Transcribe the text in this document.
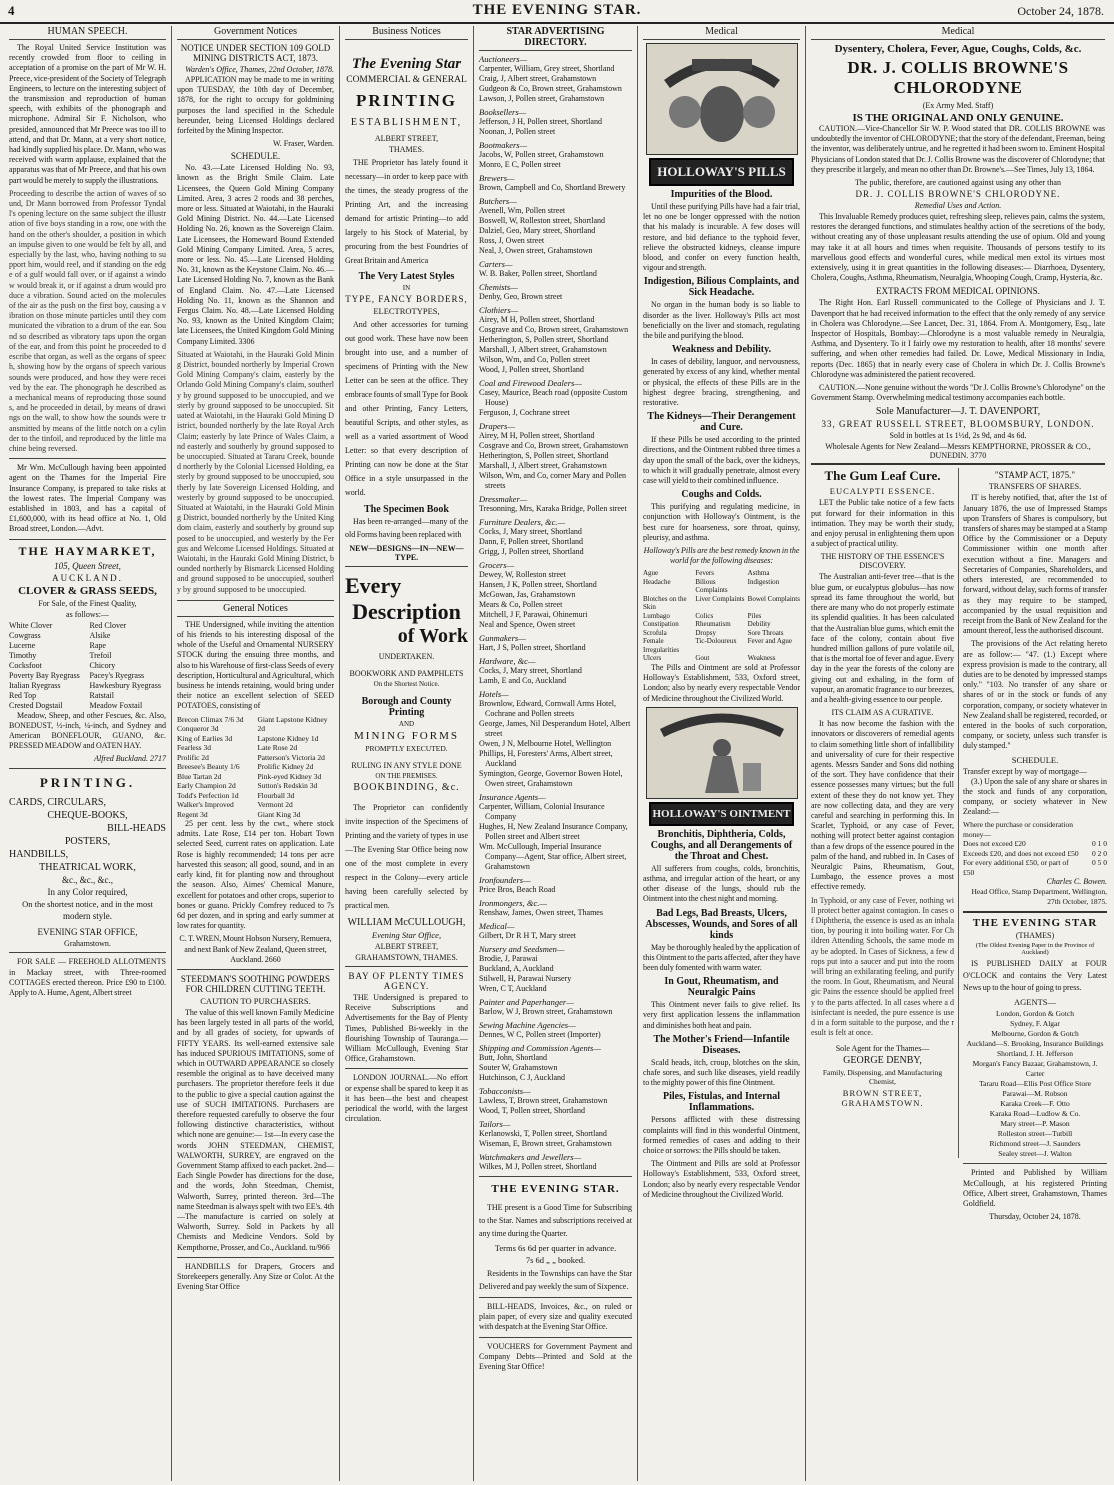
4	THE EVENING STAR.	October 24, 1878.
HUMAN SPEECH.

The Royal United Service Institution was recently crowded from floor to ceiling in acceptation of a promise on the part of Mr W. H. Preece, vice-president of the Society of Telegraph Engineers, to lecture on the interesting subject of the transmission and reproduction of human speech, with exhibits of the phonograph and microphone. Admiral Sir F. Nicholson, who presided, announced that Mr Preece was too ill to attend, and that Dr. Mann, at a very short notice, had kindly supplied his place. Dr. Mann, who was received with warm applause, explained that the apparatus was that of Mr Preece, and that his own part would be merely to supply the illustrations.

Proceeding to describe the action of waves of sound, Dr Mann borrowed from Professor Tyndall's opening lecture on the same subject the illustration of five boys standing in a row, one with the hand on the other's shoulder, a position in which an impulse given to one would be felt by all, and especially by the last, who, having nothing to support him, would reel, and if standing on the edge of a gulf would fall over, or if against a window would break it, or if against a drum would produce a vibration. Sound acted on the molecules of the air as the push on the first boy, causing a vibration on those minute particles until they communicated the vibration to a drum of the ear. Sound so described as vibratory taps upon the organ of the ear, and from this point he proceeded to describe that organ, as well as the organs of speech, showing how by the organs of speech various sounds were produced, and how they were received by the ear. The phonograph he described as a mechanical means of reproducing those sounds, and he proceeded in detail, by means of drawings on the wall, to show how the sounds were transmitted by means of the little notch on a cylinder to the tinfoil, and reproduced by the little machine being reversed.

Mr Wm. McCullough having been appointed agent on the Thames for the Imperial Fire Insurance Company, is prepared to take risks at the lowest rates. The Imperial Company was established in 1803, and has a capital of £1,600,000, with its head office at No. 1, Old Broad street, London.—Advt.

THE HAYMARKET,
105, Queen Street,
AUCKLAND.
CLOVER & GRASS SEEDS,
For Sale, of the Finest Quality,
as follows:—
White Clover
Cowgrass
Lucerne
Timothy
Cocksfoot
Poverty Bay Ryegrass
Italian Ryegrass
Red Top
Crested Dogstail
Red Clover
Alsike
Rape
Trefoil
Chicory
Pacey's Ryegrass
Hawkesbury Ryegrass
Ratstail
Meadow Foxtail

Meadow, Sheep, and other Fescues, &c. Also, BONEDUST, ½-inch, ¼-inch, and Sydney and American BONEFLOUR, GUANO, &c. PRESSED MEADOW and OATEN HAY.

Alfred Buckland. 2717
PRINTING.
CARDS, CIRCULARS,
CHEQUE-BOOKS,
BILL-HEADS
POSTERS,
HANDBILLS,
THEATRICAL WORK,
&c., &c., &c.,
In any Color required,
On the shortest notice, and in the most
modern style.
EVENING STAR OFFICE,
Grahamstown.

FOR SALE — FREEHOLD ALLOTMENTS in Mackay street, with Three-roomed COTTAGES erected thereon. Price £90 to £100. Apply to A. Hume, Agent, Albert street

Government Notices
NOTICE UNDER SECTION 109 GOLD MINING DISTRICTS ACT, 1873.
Warden's Office, Thames, 22nd October, 1878.

APPLICATION may be made to me in writing upon TUESDAY, the 10th day of December, 1878, for the right to occupy for goldmining purposes the land specified in the Schedule hereunder, being Licensed Holdings declared forfeited by the Mining Inspector.

W. Fraser, Warden.
SCHEDULE.

No. 43.—Late Licensed Holding No. 93, known as the Bright Smile Claim. Late Licensees, the Queen Gold Mining Company Limited. Area, 3 acres 2 roods and 38 perches, more or less. Situated at Waiotahi, in the Hauraki Gold Mining District. No. 44.—Late Licensed Holding No. 26, known as the Sovereign Claim. Late Licensees, the Homeward Bound Extended Gold Mining Company Limited. Area, 5 acres, more or less. No. 45.—Late Licensed Holding No. 31, known as the Keystone Claim. No. 46.—Late Licensed Holding No. 7, known as the Bank of England Claim. No. 47.—Late Licensed Holding No. 11, known as the Shannon and Fergus Claim. No. 48.—Late Licensed Holding No. 93, known as the United Kingdom Claim; late Licensees, the United Kingdom Gold Mining Company Limited. 3306

Situated at Waiotahi, in the Hauraki Gold Mining District, bounded northerly by Imperial Crown Gold Mining Company's claim, easterly by the Orlando Gold Mining Company's claim, southerly by ground supposed to be unoccupied, and westerly by ground supposed to be unoccupied. Situated at Waiotahi, in the Hauraki Gold Mining District, bounded northerly by the late Royal Arch Claim; easterly by late Prince of Wales Claim, and easterly and southerly by ground supposed to be unoccupied. Situated at Tararu Creek, bounded northerly by the Colonial Licensed Holding, easterly by ground supposed to be unoccupied, southerly by late Sovereign Licensed Holding, and westerly by ground supposed to be unoccupied. Situated at Waiotahi, in the Hauraki Gold Mining District, bounded northerly by the United Kingdom claim, easterly and southerly by ground supposed to be unoccupied, and westerly by the Fergus and Welcome Licensed Holdings. Situated at Waiotahi, in the Hauraki Gold Mining District, bounded northerly by Bismarck Licensed Holding and ground supposed to be unoccupied, southerly by ground supposed to be unoccupied.

General Notices

THE Undersigned, while inviting the attention of his friends to his interesting disposal of the whole of the Useful and Ornamental NURSERY STOCK during the ensuing three months, and also to his Warehouse of first-class Seeds of every description, Horticultural and Agricultural, which business he intends retaining, would bring under their notice an excellent selection of SEED POTATOES, consisting of

Brecon Climax 7/6 3d
Conqueror 3d
King of Earlies 3d
Fearless 3d
Prolific 2d
Breesee's Beauty 1/6
Blue Tartan 2d
Early Champion 2d
Todd's Perfection 1d
Walker's Improved Regent 3d
Giant Lapstone Kidney 2d
Lapstone Kidney 1d
Late Rose 2d
Patterson's Victoria 2d
Prolific Kidney 2d
Pink-eyed Kidney 3d
Sutton's Redskin 3d
Flourball 3d
Vermont 2d
Giant King 3d

25 per cent. less by the cwt., where stock admits. Late Rose, £14 per ton. Hobart Town selected Seed, current rates on application. Late Rose is highly recommended; 14 tons per acre harvested this season; all good, sound, and in an early kind, fit for planting now and throughout the season. Also, Aimes' Chemical Manure, excellent for potatoes and other crops, superior to bones or guano. Prickly Comfrey reduced to 7s 6d per dozen, and in spring and early summer at low rates for quantity.

C. T. WREN, Mount Hobson Nursery, Remuera, and next Bank of New Zealand, Queen street, Auckland. 2660

STEEDMAN'S SOOTHING POWDERS FOR CHILDREN CUTTING TEETH.
CAUTION TO PURCHASERS.

The value of this well known Family Medicine has been largely tested in all parts of the world, and by all grades of society, for upwards of FIFTY YEARS. Its well-earned extensive sale has induced SPURIOUS IMITATIONS, some of which in OUTWARD APPEARANCE so closely resemble the original as to have deceived many purchasers. The proprietor therefore feels it due to the public to give a special caution against the use of SUCH IMITATIONS. Purchasers are therefore requested carefully to observe the four following distinctive characteristics, without which none are genuine:— 1st—In every case the words JOHN STEEDMAN, CHEMIST, WALWORTH, SURREY, are engraved on the Government Stamp affixed to each packet. 2nd—Each Single Powder has directions for the dose, and the words, John Steedman, Chemist, Walworth, Surrey, printed thereon. 3rd—The name Steedman is always spelt with two EE's. 4th—The manufacture is carried on solely at Walworth, Surrey. Sold in Packets by all Chemists and Medicine Vendors. Sold by Kempthorne, Prosser, and Co., Auckland. tu/966

HANDBILLS for Drapers, Grocers and Storekeepers generally. Any Size or Color. At the Evening Star Office

Business Notices
The Evening Star
COMMERCIAL & GENERAL
PRINTING
ESTABLISHMENT,
ALBERT STREET,
THAMES.

THE Proprietor has lately found it necessary—in order to keep pace with the times, the steady progress of the Printing Art, and the increasing demand for artistic Printing—to add largely to his Stock of Material, by procuring from the best Foundries of Great Britain and America

The Very Latest Styles
IN
TYPE, FANCY BORDERS,
ELECTROTYPES,

And other accessories for turning out good work. These have now been brought into use, and a number of specimens of Printing with the New Letter can be seen at the office. They embrace founts of small Type for Book and other Printing, Fancy Letters, beautiful Scripts, and other styles, as well as a varied assortment of Wood Letter: so that every description of Printing can now be done at the Star Office in a style unsurpassed in the world.

The Specimen Book

Has been re-arranged—many of the old Forms having been replaced with

NEW—DESIGNS—IN—NEW—TYPE.
Every
Description
of Work
UNDERTAKEN.
BOOKWORK AND PAMPHLETS
On the Shortest Notice.
Borough and County Printing
AND
MINING FORMS
PROMPTLY EXECUTED.
RULING IN ANY STYLE DONE
ON THE PREMISES.
BOOKBINDING, &c.

The Proprietor can confidently invite inspection of the Specimens of Printing and the variety of types in use—The Evening Star Office being now one of the most complete in every respect in the Colony—every article having been carefully selected by practical men.

WILLIAM McCULLOUGH,
Evening Star Office,
ALBERT STREET,
GRAHAMSTOWN, THAMES.
BAY OF PLENTY TIMES AGENCY.

THE Undersigned is prepared to Receive Subscriptions and Advertisements for the Bay of Plenty Times, Published Bi-weekly in the flourishing Township of Tauranga.—William McCullough, Evening Star Office, Grahamstown.

LONDON JOURNAL.—No effort or expense shall be spared to keep it as it has been—the best and cheapest periodical the world, with the largest circulation.

STAR ADVERTISING DIRECTORY.
Auctioneers—
Carpenter, William, Grey street, Shortland
Craig, J, Albert street, Grahamstown
Gudgeon & Co, Brown street, Grahamstown
Lawson, J, Pollen street, Grahamstown
Booksellers—
Jefferson, J H, Pollen street, Shortland
Noonan, J, Pollen street
Bootmakers—
Jacobs, W, Pollen street, Grahamstown
Monro, E C, Pollen street
Brewers—
Brown, Campbell and Co, Shortland Brewery
Butchers—
Avenell, Wm, Pollen street
Boswell, W, Rolleston street, Shortland
Dalziel, Geo, Mary street, Shortland
Ross, J, Owen street
Neal, J, Owen street, Grahamstown
Carters—
W. B. Baker, Pollen street, Shortland
Chemists—
Denby, Geo, Brown street
Clothiers—
Airey, M H, Pollen street, Shortland
Cosgrave and Co, Brown street, Grahamstown
Hetherington, S, Pollen street, Shortland
Marshall, J, Albert street, Grahamstown
Wilson, Wm, and Co, Pollen street
Wood, J, Pollen street, Shortland
Coal and Firewood Dealers—
Casey, Maurice, Beach road (opposite Custom House)
Ferguson, J, Cochrane street
Drapers—
Airey, M H, Pollen street, Shortland
Cosgrave and Co, Brown street, Grahamstown
Hetherington, S, Pollen street, Shortland
Marshall, J, Albert street, Grahamstown
Wilson, Wm, and Co, corner Mary and Pollen streets
Dressmaker—
Tresonning, Mrs, Karaka Bridge, Pollen street
Furniture Dealers, &c.—
Cocks, J, Mary street, Shortland
Dann, F, Pollen street, Shortland
Grigg, J, Pollen street, Shortland
Grocers—
Dewey, W, Rolleston street
Hansen, J K, Pollen street, Shortland
McGowan, Jas, Grahamstown
Mears & Co, Pollen street
Mitchell, J F, Parawai, Ohinemuri
Neal and Spence, Owen street
Gunmakers—
Hart, J S, Pollen street, Shortland
Hardware, &c—
Cocks, J, Mary street, Shortland
Lamb, E and Co, Auckland
Hotels—
Brownlow, Edward, Cornwall Arms Hotel, Cochrane and Pollen streets
George, James, Nil Desperandum Hotel, Albert street
Owen, J N, Melbourne Hotel, Wellington
Phillips, H, Foresters' Arms, Albert street, Auckland
Symington, George, Governor Bowen Hotel, Owen street, Grahamstown
Insurance Agents—
Carpenter, William, Colonial Insurance Company
Hughes, H, New Zealand Insurance Company, Pollen street and Albert street
Wm. McCullough, Imperial Insurance Company—Agent, Star office, Albert street, Grahamstown
Ironfounders—
Price Bros, Beach Road
Ironmongers, &c.—
Renshaw, James, Owen street, Thames
Medical—
Gilbert, Dr R H T, Mary street
Nursery and Seedsmen—
Brodie, J, Parawai
Buckland, A, Auckland
Stilwell, H, Parawai Nursery
Wren, C T, Auckland
Painter and Paperhanger—
Barlow, W J, Brown street, Grahamstown
Sewing Machine Agencies—
Dennes, W C, Pollen street (Importer)
Shipping and Commission Agents—
Butt, John, Shortland
Souter W, Grahamstown
Hutchinson, C J, Auckland
Tobacconists—
Lawless, T, Brown street, Grahamstown
Wood, T, Pollen street, Shortland
Tailors—
Kerlanowski, T, Pollen street, Shortland
Wiseman, E, Brown street, Grahamstown
Watchmakers and Jewellers—
Wilkes, M J, Pollen street, Shortland
THE EVENING STAR.

THE present is a Good Time for Subscribing to the Star. Names and subscriptions received at any time during the Quarter.

Terms 6s 6d per quarter in advance.
7s 6d „ „ booked.

Residents in the Townships can have the Star Delivered and pay weekly the sum of Sixpence.

BILL-HEADS, Invoices, &c., on ruled or plain paper, of every size and quality executed with despatch at the Evening Star Office.

VOUCHERS for Government Payment and Company Debts—Printed and Sold at the Evening Star Office!

Medical
HOLLOWAY'S PILLS
Impurities of the Blood.

Until these purifying Pills have had a fair trial, let no one be longer oppressed with the notion that his malady is incurable. A few doses will restore, and bid defiance to the typhoid fever, relieve the obstructed kidneys, cleanse impure blood, and confer on every function health, vigour and strength.

Indigestion, Bilious Complaints, and Sick Headache.

No organ in the human body is so liable to disorder as the liver. Holloway's Pills act most beneficially on the liver and stomach, regulating the bile and purifying the blood.

Weakness and Debility.

In cases of debility, languor, and nervousness, generated by excess of any kind, whether mental or physical, the effects of these Pills are in the highest degree bracing, strengthening, and restorative.

The Kidneys—Their Derangement and Cure.

If these Pills be used according to the printed directions, and the Ointment rubbed three times a day upon the small of the back, over the kidneys, to which it will gradually penetrate, almost every case will yield to their combined influence.

Coughs and Colds.

This purifying and regulating medicine, in conjunction with Holloway's Ointment, is the best cure for hoarseness, sore throat, quinsy, pleurisy, and asthma.

Holloway's Pills are the best remedy known in the world for the following diseases:

Ague	Fevers	Asthma
Headache	Bilious Complaints
Indigestion
Blotches on the Skin
Liver Complaints Bowel Complaints
Lumbago	Colics	Piles
Constipation	Rheumatism	Debility
Scrofula	Dropsy	Sore Throats
Female Irregularities
Tic-Doloureux	Fever and Ague
Ulcers	Gout	Weakness

The Pills and Ointment are sold at Professor Holloway's Establishment, 533, Oxford street, London; also by nearly every respectable Vendor of Medicine throughout the Civilized World.

HOLLOWAY'S OINTMENT
Bronchitis, Diphtheria, Colds, Coughs, and all Derangements of the Throat and Chest.

All sufferers from coughs, colds, bronchitis, asthma, and irregular action of the heart, or any other disease of the lungs, should rub the Ointment into the chest night and morning.

Bad Legs, Bad Breasts, Ulcers, Abscesses, Wounds, and Sores of all kinds

May be thoroughly healed by the application of this Ointment to the parts affected, after they have been duly fomented with warm water.

In Gout, Rheumatism, and Neuralgic Pains

This Ointment never fails to give relief. Its very first application lessens the inflammation and diminishes both heat and pain.

The Mother's Friend—Infantile Diseases.

Scald heads, itch, croup, blotches on the skin, chafe sores, and such like diseases, yield readily to the mighty power of this fine Ointment.

Piles, Fistulas, and Internal Inflammations.

Persons afflicted with these distressing complaints will find in this wonderful Ointment, formed remedies of cases and adding to their choice or sorrows: the Pills should be taken.

The Ointment and Pills are sold at Professor Holloway's Establishment, 533, Oxford street, London; also by nearly every respectable Vendor of Medicine throughout the Civilized World.

Medical
Dysentery, Cholera, Fever, Ague, Coughs, Colds, &c.
DR. J. COLLIS BROWNE'S CHLORODYNE
(Ex Army Med. Staff)
IS THE ORIGINAL AND ONLY GENUINE.

CAUTION.—Vice-Chancellor Sir W. P. Wood stated that DR. COLLIS BROWNE was undoubtedly the inventor of CHLORODYNE; that the story of the defendant, Freeman, being the inventor, was deliberately untrue, and he regretted it had been sworn to. Eminent Hospital Physicians of London stated that Dr. J. Collis Browne was the discoverer of Chlorodyne; that they prescribe it largely, and mean no other than Dr. Browne's.—See Times, July 13, 1864.

The public, therefore, are cautioned against using any other than
DR. J. COLLIS BROWNE'S CHLORODYNE.
Remedial Uses and Action.

This Invaluable Remedy produces quiet, refreshing sleep, relieves pain, calms the system, restores the deranged functions, and stimulates healthy action of the secretions of the body, without creating any of those unpleasant results attending the use of opium. Old and young may take it at all hours and times when requisite. Thousands of persons testify to its marvellous good effects and wonderful cures, while medical men extol its virtues most extensively, using it in great quantities in the following diseases:— Diarrhoea, Dysentery, Cholera, Coughs, Asthma, Rheumatism, Neuralgia, Whooping Cough, Cramp, Hysteria, &c.

EXTRACTS FROM MEDICAL OPINIONS.

The Right Hon. Earl Russell communicated to the College of Physicians and J. T. Davenport that he had received information to the effect that the only remedy of any service in Cholera was Chlorodyne.—See Lancet, Dec. 31, 1864. From A. Montgomery, Esq., late Inspector of Hospitals, Bombay:—Chlorodyne is a most valuable remedy in Neuralgia, Asthma, and Dysentery. To it I fairly owe my restoration to health, after 18 months' severe suffering, and when other remedies had failed. Dr. Lowe, Medical Missionary in India, reports (Dec. 1865) that in nearly every case of Cholera in which Dr. J. Collis Browne's Chlorodyne was administered the patient recovered.

CAUTION.—None genuine without the words "Dr J. Collis Browne's Chlorodyne" on the Government Stamp. Overwhelming medical testimony accompanies each bottle.

Sole Manufacturer—J. T. DAVENPORT,
33, GREAT RUSSELL STREET, BLOOMSBURY, LONDON.
Sold in bottles at 1s 1½d, 2s 9d, and 4s 6d.
Wholesale Agents for New Zealand—Messrs KEMPTHORNE, PROSSER & CO., DUNEDIN. 3770
The Gum Leaf Cure.
EUCALYPTI ESSENCE.

LET the Public take notice of a few facts put forward for their information in this intimation. They may be worth their study, and enjoy perusal in enlightening them upon a subject of practical utility.

THE HISTORY OF THE ESSENCE'S DISCOVERY.

The Australian anti-fever tree—that is the blue gum, or eucalyptus globulus—has now spread its fame throughout the world, but there are many who do not properly estimate its splendid qualities. It has been calculated that the Australian blue gums, which emit the face of the colony, contain about five hundred million gallons of pure volatile oil, that is the mortal foe of fever and ague. Every day in the year the forests of the colony are giving out and exhaling, in the form of vapour, an aromatic fragrance to our breezes, and a health-giving essence to our people.

ITS CLAIM AS A CURATIVE.

It has now become the fashion with the innovators or discoverers of remedial agents to claim something little short of infallibility and universality of cure for their respective agents. Messrs Sander and Sons did nothing of the sort. They have confidence that their essence possesses many virtues; but the full extent of these they do not know yet. They are now collecting data, and they are very careful and searching in performing this. In Scarlet, Typhoid, or any case of Fever, nothing will protect better against contagion than a few drops of the essence poured in the palm of the hand, and rubbed in. In Cases of Neuralgic Pains, Rheumatism, Gout, Lumbago, the essence proves a most effective remedy.

In Typhoid, or any case of Fever, nothing will protect better against contagion. In cases of Diphtheria, the essence is used as an inhalation, by pouring it into boiling water. For Children Attending Schools, the same mode may be adopted. In Cases of Sickness, a few drops put into a saucer and put into the room will bring an exhilarating feeling, and purify the room. In Gout, Rheumatism, and Neuralgic Pains the essence should be applied freely to the parts affected. In all cases where a disinfectant is needed, the pure essence is used in a form suitable to the purpose, and the result is felt at once.

Sole Agent for the Thames—
GEORGE DENBY,
Family, Dispensing, and Manufacturing Chemist,
BROWN STREET, GRAHAMSTOWN.
"STAMP ACT, 1875."
TRANSFERS OF SHARES.

IT is hereby notified, that, after the 1st of January 1876, the use of Impressed Stamps upon Transfers of Shares is compulsory, but transfers of shares may be stamped at a Stamp Office by the Commissioner or a Deputy Commissioner within one month after execution without a fine. Managers and Secretaries of Companies, Shareholders, and others interested, are recommended to forward, without delay, such forms of transfer as they may require to be stamped, accompanied by the usual requisition and receipt from the Bank of New Zealand for the amount thereof, less the authorised discount.

The provisions of the Act relating hereto are as follow:— "47. (1.) Except where express provision is made to the contrary, all duties are to be denoted by impressed stamps only." "103. No transfer of any share or shares of or in the stock or funds of any corporation, company, or society whatever in New Zealand shall be registered, recorded, or entered in the books of such corporation, company, or society, unless such transfer is duly stamped."

SCHEDULE.
Transfer except by way of mortgage—

(3.) Upon the sale of any share or shares in the stock and funds of any corporation, company, or society whatever in New Zealand:—

Where the purchase or consideration money—
Does not exceed £20	0 1 0
Exceeds £20, and does not exceed £50	0 2 0
For every additional £50, or part of £50
0 5 0
Charles C. Bowen.
Head Office, Stamp Department, Wellington, 27th October, 1875.
THE EVENING STAR
(THAMES)
(The Oldest Evening Paper in the Province of Auckland)

IS PUBLISHED DAILY at FOUR O'CLOCK and contains the Very Latest News up to the hour of going to press.

AGENTS—
London, Gordon & Gotch
Sydney, F. Algar
Melbourne, Gordon & Gotch
Auckland—S. Brooking, Insurance Buildings
Shortland, J. H. Jefferson
Morgan's Fancy Bazaar, Grahamstown, J. Carter
Tararu Road—Ellis Post Office Store
Parawai—M. Robson
Karaka Creek—F. Otto
Karaka Road—Ludlow & Co.
Mary street—P. Mason
Rolleston street—Tutbill
Richmond street—J. Saunders
Sealey street—J. Walton

Printed and Published by William McCullough, at his registered Printing Office, Albert street, Grahamstown, Thames Goldfield.

Thursday, October 24, 1878.
